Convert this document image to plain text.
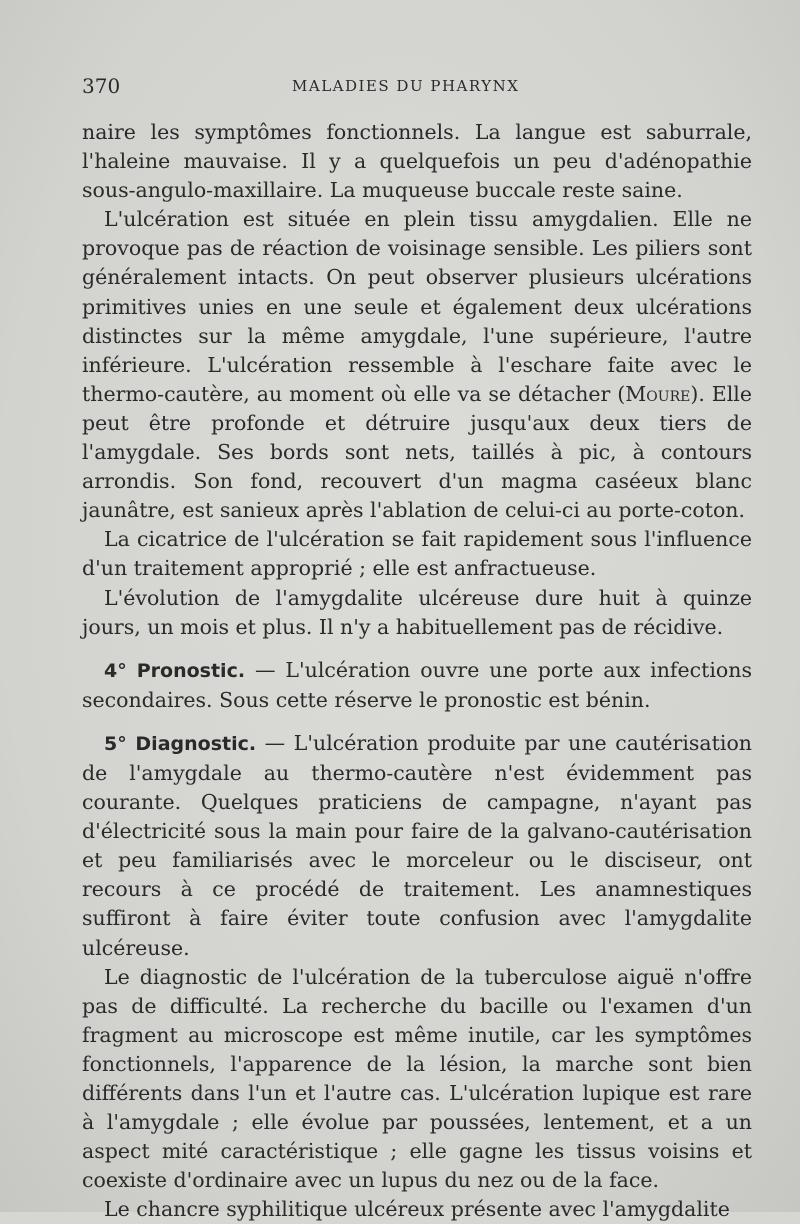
370	MALADIES DU PHARYNX

naire les symptômes fonctionnels. La langue est saburrale, l'haleine mauvaise. Il y a quelquefois un peu d'adénopathie sous-angulo-maxillaire. La muqueuse buccale reste saine.

L'ulcération est située en plein tissu amygdalien. Elle ne provoque pas de réaction de voisinage sensible. Les piliers sont généralement intacts. On peut observer plusieurs ulcérations primitives unies en une seule et également deux ulcérations distinctes sur la même amygdale, l'une supérieure, l'autre inférieure. L'ulcération ressemble à l'eschare faite avec le thermo-cautère, au moment où elle va se détacher (Moure). Elle peut être profonde et détruire jusqu'aux deux tiers de l'amygdale. Ses bords sont nets, taillés à pic, à contours arrondis. Son fond, recouvert d'un magma caséeux blanc jaunâtre, est sanieux après l'ablation de celui-ci au porte-coton.

La cicatrice de l'ulcération se fait rapidement sous l'influence d'un traitement approprié ; elle est anfractueuse.

L'évolution de l'amygdalite ulcéreuse dure huit à quinze jours, un mois et plus. Il n'y a habituellement pas de récidive.

4° Pronostic. — L'ulcération ouvre une porte aux infections secondaires. Sous cette réserve le pronostic est bénin.

5° Diagnostic. — L'ulcération produite par une cautérisation de l'amygdale au thermo-cautère n'est évidemment pas courante. Quelques praticiens de campagne, n'ayant pas d'électricité sous la main pour faire de la galvano-cautérisation et peu familiarisés avec le morceleur ou le disciseur, ont recours à ce procédé de traitement. Les anamnestiques suffiront à faire éviter toute confusion avec l'amygdalite ulcéreuse.

Le diagnostic de l'ulcération de la tuberculose aiguë n'offre pas de difficulté. La recherche du bacille ou l'examen d'un fragment au microscope est même inutile, car les symptômes fonctionnels, l'apparence de la lésion, la marche sont bien différents dans l'un et l'autre cas. L'ulcération lupique est rare à l'amygdale ; elle évolue par poussées, lentement, et a un aspect mité caractéristique ; elle gagne les tissus voisins et coexiste d'ordinaire avec un lupus du nez ou de la face.

Le chancre syphilitique ulcéreux présente avec l'amygdalite
